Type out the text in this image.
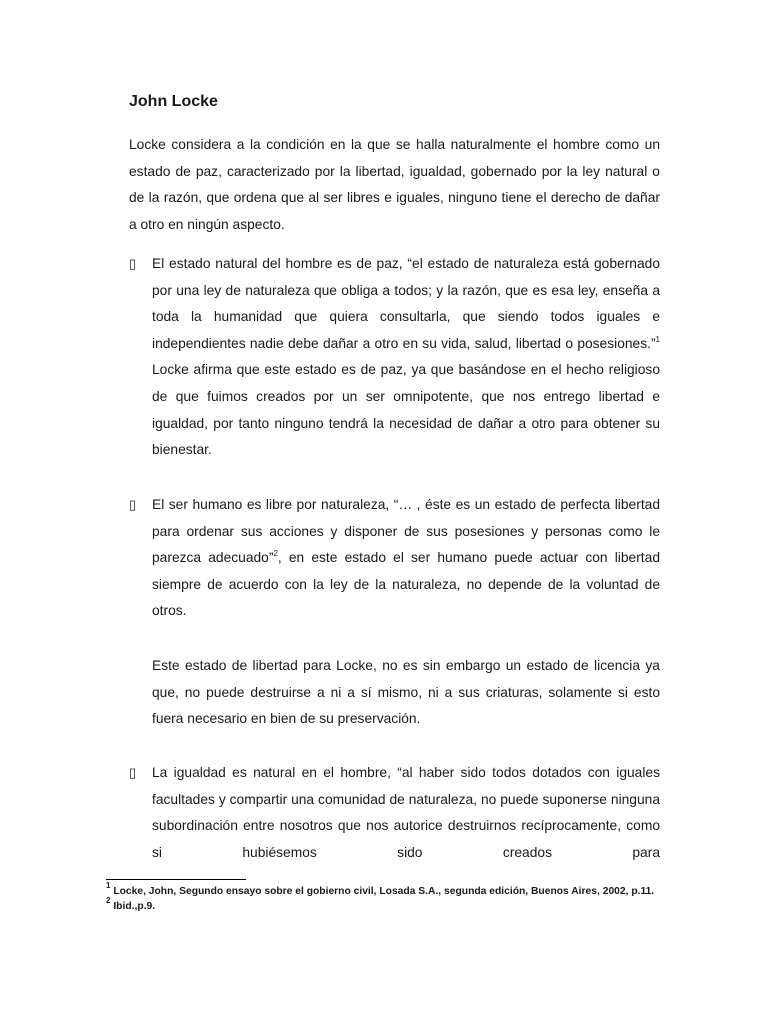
John Locke

Locke considera a la condición en la que se halla naturalmente el hombre como un estado de paz, caracterizado por la libertad, igualdad, gobernado por la ley natural o de la razón, que ordena que al ser libres e iguales, ninguno tiene el derecho de dañar a otro en ningún aspecto.

▯	El estado natural del hombre es de paz, “el estado de naturaleza está gobernado por una ley de naturaleza que obliga a todos; y la razón, que es esa ley, enseña a toda la humanidad que quiera consultarla, que siendo todos iguales e independientes nadie debe dañar a otro en su vida, salud, libertad o posesiones.”$^1$ Locke afirma que este estado es de paz, ya que basándose en el hecho religioso de que fuimos creados por un ser omnipotente, que nos entrego libertad e igualdad, por tanto ninguno tendrá la necesidad de dañar a otro para obtener su bienestar.

▯	El ser humano es libre por naturaleza, “… , éste es un estado de perfecta libertad para ordenar sus acciones y disponer de sus posesiones y personas como le parezca adecuado”$^2$, en este estado el ser humano puede actuar con libertad siempre de acuerdo con la ley de la naturaleza, no depende de la voluntad de otros.

Este estado de libertad para Locke, no es sin embargo un estado de licencia ya que, no puede destruirse a ni a sí mismo, ni a sus criaturas, solamente si esto fuera necesario en bien de su preservación.

▯	La igualdad es natural en el hombre, “al haber sido todos dotados con iguales facultades y compartir una comunidad de naturaleza, no puede suponerse ninguna subordinación entre nosotros que nos autorice destruirnos recíprocamente, como si hubiésemos sido creados para

$^1$ Locke, John, Segundo ensayo sobre el gobierno civil, Losada S.A., segunda edición, Buenos Aires, 2002, p.11.

$^2$ Ibid.,p.9.
